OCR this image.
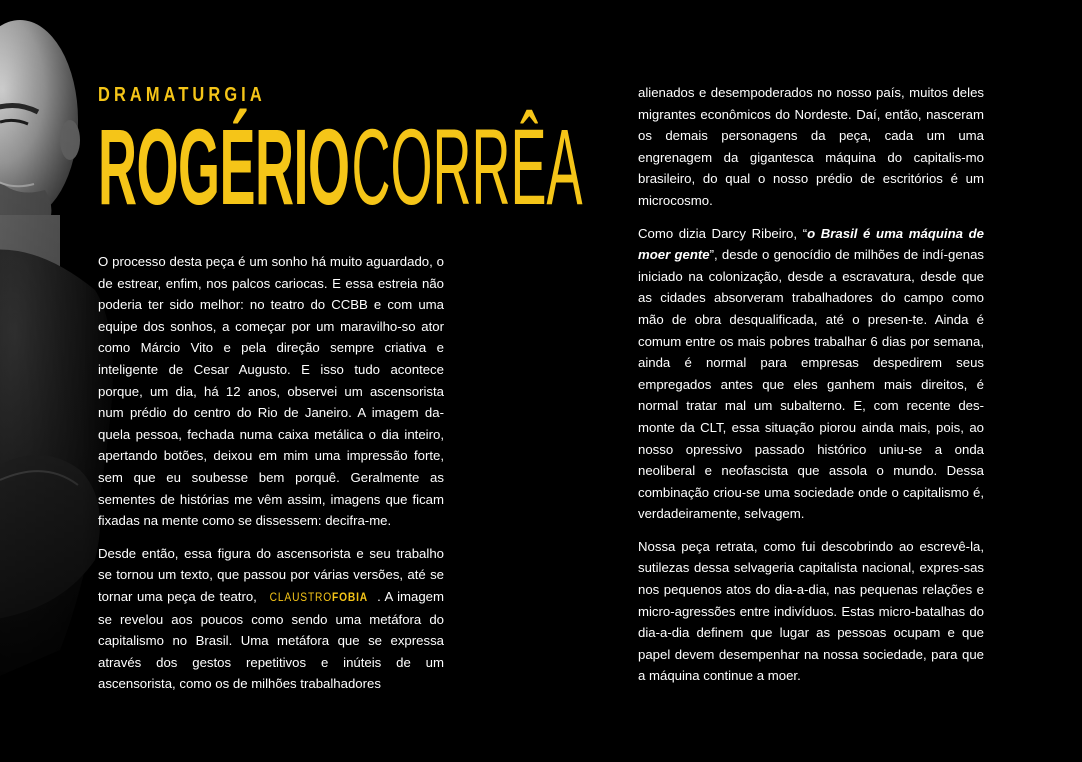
DRAMATURGIA
ROGÉRIOCORRÊA

O processo desta peça é um sonho há muito aguardado, o de estrear, enfim, nos palcos cariocas. E essa estreia não poderia ter sido melhor: no teatro do CCBB e com uma equipe dos sonhos, a começar por um maravilho-so ator como Márcio Vito e pela direção sempre criativa e inteligente de Cesar Augusto. E isso tudo acontece porque, um dia, há 12 anos, observei um ascensorista num prédio do centro do Rio de Janeiro. A imagem da-quela pessoa, fechada numa caixa metálica o dia inteiro, apertando botões, deixou em mim uma impressão forte, sem que eu soubesse bem porquê. Geralmente as sementes de histórias me vêm assim, imagens que ficam fixadas na mente como se dissessem: decifra-me.

Desde então, essa figura do ascensorista e seu trabalho se tornou um texto, que passou por várias versões, até se tornar uma peça de teatro, CLAUSTROFOBIA . A imagem se revelou aos poucos como sendo uma metáfora do capitalismo no Brasil. Uma metáfora que se expressa através dos gestos repetitivos e inúteis de um ascensorista, como os de milhões trabalhadores

alienados e desempoderados no nosso país, muitos deles migrantes econômicos do Nordeste. Daí, então, nasceram os demais personagens da peça, cada um uma engrenagem da gigantesca máquina do capitalis-mo brasileiro, do qual o nosso prédio de escritórios é um microcosmo.

Como dizia Darcy Ribeiro, “o Brasil é uma máquina de moer gente”, desde o genocídio de milhões de indí-genas iniciado na colonização, desde a escravatura, desde que as cidades absorveram trabalhadores do campo como mão de obra desqualificada, até o presen-te. Ainda é comum entre os mais pobres trabalhar 6 dias por semana, ainda é normal para empresas despedirem seus empregados antes que eles ganhem mais direitos, é normal tratar mal um subalterno. E, com recente des-monte da CLT, essa situação piorou ainda mais, pois, ao nosso opressivo passado histórico uniu-se a onda neoliberal e neofascista que assola o mundo. Dessa combinação criou-se uma sociedade onde o capitalismo é, verdadeiramente, selvagem.

Nossa peça retrata, como fui descobrindo ao escrevê-la, sutilezas dessa selvageria capitalista nacional, expres-sas nos pequenos atos do dia-a-dia, nas pequenas relações e micro-agressões entre indivíduos. Estas micro-batalhas do dia-a-dia definem que lugar as pessoas ocupam e que papel devem desempenhar na nossa sociedade, para que a máquina continue a moer.
